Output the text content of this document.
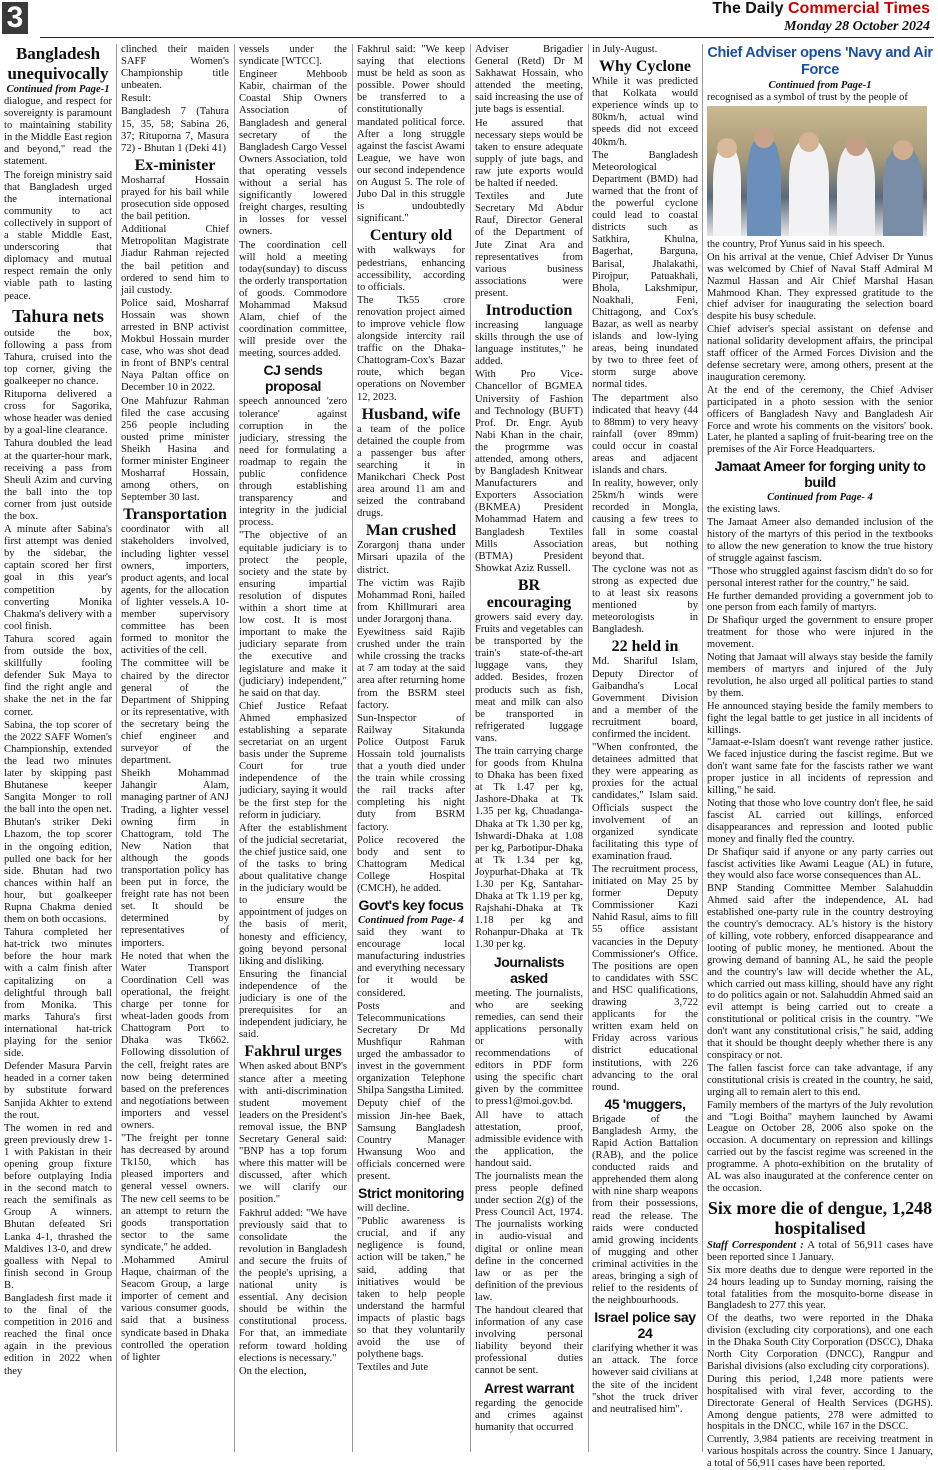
3	The Daily Commercial Times
Monday 28 October 2024
Bangladesh unequivocally
Continued from Page-1

dialogue, and respect for sovereignty is paramount to maintaining stability in the Middle East region and beyond," read the statement.

The foreign ministry said that Bangladesh urged the international community to act collectively in support of a stable Middle East, underscoring that diplomacy and mutual respect remain the only viable path to lasting peace.

Tahura nets

outside the box, following a pass from Tahura, cruised into the top corner, giving the goalkeeper no chance.

Rituporna delivered a cross for Sagorika, whose header was denied by a goal-line clearance.

Tahura doubled the lead at the quarter-hour mark, receiving a pass from Sheuli Azim and curving the ball into the top corner from just outside the box.

A minute after Sabina's first attempt was denied by the sidebar, the captain scored her first goal in this year's competition by converting Monika Chakma's delivery with a cool finish.

Tahura scored again from outside the box, skillfully fooling defender Suk Maya to find the right angle and shake the net in the far corner.

Sabina, the top scorer of the 2022 SAFF Women's Championship, extended the lead two minutes later by skipping past Bhutanese keeper Sangita Monger to roll the ball into the open net.

Bhutan's striker Deki Lhazom, the top scorer in the ongoing edition, pulled one back for her side. Bhutan had two chances within half an hour, but goalkeeper Rupna Chakma denied them on both occasions.

Tahura completed her hat-trick two minutes before the hour mark with a calm finish after capitalizing on a delightful through ball from Monika. This marks Tahura's first international hat-trick playing for the senior side.

Defender Masura Parvin headed in a corner taken by substitute forward Sanjida Akhter to extend the rout.

The women in red and green previously drew 1-1 with Pakistan in their opening group fixture before outplaying India in the second match to reach the semifinals as Group A winners. Bhutan defeated Sri Lanka 4-1, thrashed the Maldives 13-0, and drew goalless with Nepal to finish second in Group B.

Bangladesh first made it to the final of the competition in 2016 and reached the final once again in the previous edition in 2022 when they

clinched their maiden SAFF Women's Championship title unbeaten.

Result:

Bangladesh 7 (Tahura 15, 35, 58; Sabina 26, 37; Rituporna 7, Masura 72) - Bhutan 1 (Deki 41)

Ex-minister

Mosharraf Hossain prayed for his bail while prosecution side opposed the bail petition.

Additional Chief Metropolitan Magistrate Jiadur Rahman rejected the bail petition and ordered to send him to jail custody.

Police said, Mosharraf Hossain was shown arrested in BNP activist Mokbul Hossain murder case, who was shot dead in front of BNP's central Naya Paltan office on December 10 in 2022.

One Mahfuzur Rahman filed the case accusing 256 people including ousted prime minister Sheikh Hasina and former minister Engineer Mosharraf Hossain, among others, on September 30 last.

Transportation

coordinator with all stakeholders involved, including lighter vessel owners, importers, product agents, and local agents, for the allocation of lighter vessels.A 10-member supervisory committee has been formed to monitor the activities of the cell.

The committee will be chaired by the director general of the Department of Shipping or its representative, with the secretary being the chief engineer and surveyor of the department.

Sheikh Mohammad Jahangir Alam, managing partner of ANJ Trading, a lighter vessel owning firm in Chattogram, told The New Nation that although the goods transportation policy has been put in force, the freight rate has not been set. It should be determined by representatives of importers.

He noted that when the Water Transport Coordination Cell was operational, the freight charge per tonne for wheat-laden goods from Chattogram Port to Dhaka was Tk662. Following dissolution of the cell, freight rates are now being determined based on the preferences and negotiations between importers and vessel owners.

"The freight per tonne has decreased by around Tk150, which has pleased importers and general vessel owners. The new cell seems to be an attempt to return the goods transportation sector to the same syndicate," he added.

.Mohammed Amirul Haque, chairman of the Seacom Group, a large importer of cement and various consumer goods, said that a business syndicate based in Dhaka controlled the operation of lighter

vessels under the syndicate [WTCC].

Engineer Mehboob Kabir, chairman of the Coastal Ship Owners Association of Bangladesh and general secretary of the Bangladesh Cargo Vessel Owners Association, told that operating vessels without a serial has significantly lowered freight charges, resulting in losses for vessel owners.

The coordination cell will hold a meeting today(sunday) to discuss the orderly transportation of goods. Commodore Mohammad Maksud Alam, chief of the coordination committee, will preside over the meeting, sources added.

CJ sends proposal

speech announced 'zero tolerance' against corruption in the judiciary, stressing the need for formulating a roadmap to regain the public confidence through establishing transparency and integrity in the judicial process.

"The objective of an equitable judiciary is to protect the people, society and the state by ensuring impartial resolution of disputes within a short time at low cost. It is most important to make the judiciary separate from the executive and legislature and make it (judiciary) independent," he said on that day.

Chief Justice Refaat Ahmed emphasized establishing a separate secretariat on an urgent basis under the Supreme Court for true independence of the judiciary, saying it would be the first step for the reform in judiciary.

After the establishment of the judicial secretariat, the chief justice said, one of the tasks to bring about qualitative change in the judiciary would be to ensure the appointment of judges on the basis of merit, honesty and efficiency, going beyond personal liking and disliking.

Ensuring the financial independence of the judiciary is one of the prerequisites for an independent judiciary, he said.

Fakhrul urges

When asked about BNP's stance after a meeting with anti-discrimination student movement leaders on the President's removal issue, the BNP Secretary General said: "BNP has a top forum where this matter will be discussed, after which we will clarify our position."

Fakhrul added: "We have previously said that to consolidate the revolution in Bangladesh and secure the fruits of the people's uprising, a national unity is essential. Any decision should be within the constitutional process. For that, an immediate reform toward holding elections is necessary."

On the election,

Fakhrul said: "We keep saying that elections must be held as soon as possible. Power should be transferred to a constitutionally mandated political force. After a long struggle against the fascist Awami League, we have won our second independence on August 5. The role of Jubo Dal in this struggle is undoubtedly significant."

Century old

with walkways for pedestrians, enhancing accessibility, according to officials.

The Tk55 crore renovation project aimed to improve vehicle flow alongside intercity rail traffic on the Dhaka-Chattogram-Cox's Bazar route, which began operations on November 12, 2023.

Husband, wife

a team of the police detained the couple from a passenger bus after searching it in Manikchari Check Post area around 11 am and seized the contraband drugs.

Man crushed

Zorargonj thana under Mirsari upazila of the district.

The victim was Rajib Mohammad Roni, hailed from Khillmurari area under Jorargonj thana.

Eyewitness said Rajib crushed under the train while crossing the tracks at 7 am today at the said area after returning home from the BSRM steel factory.

Sun-Inspector of Railway Sitakunda Police Outpost Faruk Hossain told journalists that a youth died under the train while crossing the rail tracks after completing his night duty from BSRM factory.

Police recovered the body and sent to Chattogram Medical College Hospital (CMCH), he added.

Govt's key focus
Continued from Page- 4

said they want to encourage local manufacturing industries and everything necessary for it would be considered.

Posts and Telecommunications Secretary Dr Md Mushfiqur Rahman urged the ambassador to invest in the government organization Telephone Shilpa Sangstha Limited.

Deputy chief of the mission Jin-hee Baek, Samsung Bangladesh Country Manager Hwansung Woo and officials concerned were present.

Strict monitoring

will decline.

"Public awareness is crucial, and if any negligence is found, action will be taken," he said, adding that initiatives would be taken to help people understand the harmful impacts of plastic bags so that they voluntarily avoid the use of polythene bags.

Textiles and Jute

Adviser Brigadier General (Retd) Dr M Sakhawat Hossain, who attended the meeting, said increasing the use of jute bags is essential.

He assured that necessary steps would be taken to ensure adequate supply of jute bags, and raw jute exports would be halted if needed.

Textiles and Jute Secretary Md Abdur Rauf, Director General of the Department of Jute Zinat Ara and representatives from various business associations were present.

Introduction

increasing language skills through the use of language institutes," he added.

With Pro Vice-Chancellor of BGMEA University of Fashion and Technology (BUFT) Prof. Dr. Engr. Ayub Nabi Khan in the chair, the progrmme was attended, among others, by Bangladesh Knitwear Manufacturers and Exporters Association (BKMEA) President Mohammad Hatem and Bangladesh Textiles Mills Association (BTMA) President Showkat Aziz Russell.

BR encouraging

growers said every day. Fruits and vegetables can be transported by the train's state-of-the-art luggage vans, they added. Besides, frozen products such as fish, meat and milk can also be transported in refrigerated luggage vans.

The train carrying charge for goods from Khulna to Dhaka has been fixed at Tk 1.47 per kg, Jashore-Dhaka at Tk 1.35 per kg, Chuadanga-Dhaka at Tk 1.30 per kg, Ishwardi-Dhaka at 1.08 per kg, Parbotipur-Dhaka at Tk 1.34 per kg, Joypurhat-Dhaka at Tk 1.30 per Kg, Santahar-Dhaka at Tk 1.19 per kg, Rajshahi-Dhaka at Tk 1.18 per kg and Rohanpur-Dhaka at Tk 1.30 per kg.

Journalists asked

meeting. The journalists, who are seeking remedies, can send their applications personally or with recommendations of editors in PDF form using the specific chart given by the committee to press1@moi.gov.bd.

All have to attach attestation, proof, admissible evidence with the application, the handout said.

The journalists mean the press people defined under section 2(g) of the Press Council Act, 1974. The journalists working in audio-visual and digital or online mean define in the concerned law or as per the definition of the previous law.

The handout cleared that information of any case involving personal liability beyond their professional duties cannot be sent.

Arrest warrant

regarding the genocide and crimes against humanity that occurred

in July-August.

Why Cyclone

While it was predicted that Kolkata would experience winds up to 80km/h, actual wind speeds did not exceed 40km/h.

The Bangladesh Meteorological Department (BMD) had warned that the front of the powerful cyclone could lead to coastal districts such as Satkhira, Khulna, Bagerhat, Barguna, Barisal, Jhalakathi, Pirojpur, Patuakhali, Bhola, Lakshmipur, Noakhali, Feni, Chittagong, and Cox's Bazar, as well as nearby islands and low-lying areas, being inundated by two to three feet of storm surge above normal tides.

The department also indicated that heavy (44 to 88mm) to very heavy rainfall (over 89mm) could occur in coastal areas and adjacent islands and chars.

In reality, however, only 25km/h winds were recorded in Mongla, causing a few trees to fall in some coastal areas, but nothing beyond that.

The cyclone was not as strong as expected due to at least six reasons mentioned by meteorologists in Bangladesh.

22 held in

Md. Shariful Islam, Deputy Director of Gaibandha's Local Government Division and a member of the recruitment board, confirmed the incident.

"When confronted, the detainees admitted that they were appearing as proxies for the actual candidates," Islam said. Officials suspect the involvement of an organized syndicate facilitating this type of examination fraud.

The recruitment process, initiated on May 25 by former Deputy Commissioner Kazi Nahid Rasul, aims to fill 55 office assistant vacancies in the Deputy Commissioner's Office. The positions are open to candidates with SSC and HSC qualifications, drawing 3,722 applicants for the written exam held on Friday across various district educational institutions, with 226 advancing to the oral round.

45 'muggers,

Brigade of the Bangladesh Army, the Rapid Action Battalion (RAB), and the police conducted raids and apprehended them along with nine sharp weapons from their possessions, read the release. The raids were conducted amid growing incidents of mugging and other criminal activities in the areas, bringing a sigh of relief to the residents of the neighbourhoods.

Israel police say 24

clarifying whether it was an attack. The force however said civilians at the site of the incident "shot the truck driver and neutralised him".

Chief Adviser opens 'Navy and Air Force
Continued from Page-1

recognised as a symbol of trust by the people of

the country, Prof Yunus said in his speech.

On his arrival at the venue, Chief Adviser Dr Yunus was welcomed by Chief of Naval Staff Admiral M Nazmul Hassan and Air Chief Marshal Hasan Mahmood Khan. They expressed gratitude to the chief adviser for inaugurating the selection board despite his busy schedule.

Chief adviser's special assistant on defense and national solidarity development affairs, the principal staff officer of the Armed Forces Division and the defense secretary were, among others, present at the inauguration ceremony.

At the end of the ceremony, the Chief Adviser participated in a photo session with the senior officers of Bangladesh Navy and Bangladesh Air Force and wrote his comments on the visitors' book. Later, he planted a sapling of fruit-bearing tree on the premises of the Air Force Headquarters.

Jamaat Ameer for forging unity to build
Continued from Page- 4

the existing laws.

The Jamaat Ameer also demanded inclusion of the history of the martyrs of this period in the textbooks to allow the new generation to know the true history of struggle against fascism.

"Those who struggled against fascism didn't do so for personal interest rather for the country," he said.

He further demanded providing a government job to one person from each family of martyrs.

Dr Shafiqur urged the government to ensure proper treatment for those who were injured in the movement.

Noting that Jamaat will always stay beside the family members of martyrs and injured of the July revolution, he also urged all political parties to stand by them.

He announced staying beside the family members to fight the legal battle to get justice in all incidents of killings.

"Jamaat-e-Islam doesn't want revenge rather justice. We faced injustice during the fascist regime. But we don't want same fate for the fascists rather we want proper justice in all incidents of repression and killing," he said.

Noting that those who love country don't flee, he said fascist AL carried out killings, enforced disappearances and repression and looted public money and finally fled the country.

Dr Shafiqur said if anyone or any party carries out fascist activities like Awami League (AL) in future, they would also face worse consequences than AL.

BNP Standing Committee Member Salahuddin Ahmed said after the independence, AL had established one-party rule in the country destroying the country's democracy. AL's history is the history of killing, vote robbery, enforced disappearance and looting of public money, he mentioned. About the growing demand of banning AL, he said the people and the country's law will decide whether the AL, which carried out mass killing, should have any right to do politics again or not. Salahuddin Ahmed said an evil attempt is being carried out to create a constitutional or political crisis in the country. "We don't want any constitutional crisis," he said, adding that it should be thought deeply whether there is any conspiracy or not.

The fallen fascist force can take advantage, if any constitutional crisis is created in the country, he said, urging all to remain alert to this end.

Family members of the martyrs of the July revolution and "Logi Boitha" mayhem launched by Awami League on October 28, 2006 also spoke on the occasion. A documentary on repression and killings carried out by the fascist regime was screened in the programme. A photo-exhibition on the brutality of AL was also inaugurated at the conference center on the occasion.

Six more die of dengue, 1,248 hospitalised

Staff Correspondent : A total of 56,911 cases have been reported since 1 January.

Six more deaths due to dengue were reported in the 24 hours leading up to Sunday morning, raising the total fatalities from the mosquito-borne disease in Bangladesh to 277 this year.

Of the deaths, two were reported in the Dhaka division (excluding city corporations), and one each in the Dhaka South City Corporation (DSCC), Dhaka North City Corporation (DNCC), Rangpur and Barishal divisions (also excluding city corporations).

During this period, 1,248 more patients were hospitalised with viral fever, according to the Directorate General of Health Services (DGHS). Among dengue patients, 278 were admitted to hospitals in the DNCC, while 167 in the DSCC.

Currently, 3,984 patients are receiving treatment in various hospitals across the country. Since 1 January, a total of 56,911 cases have been reported.
